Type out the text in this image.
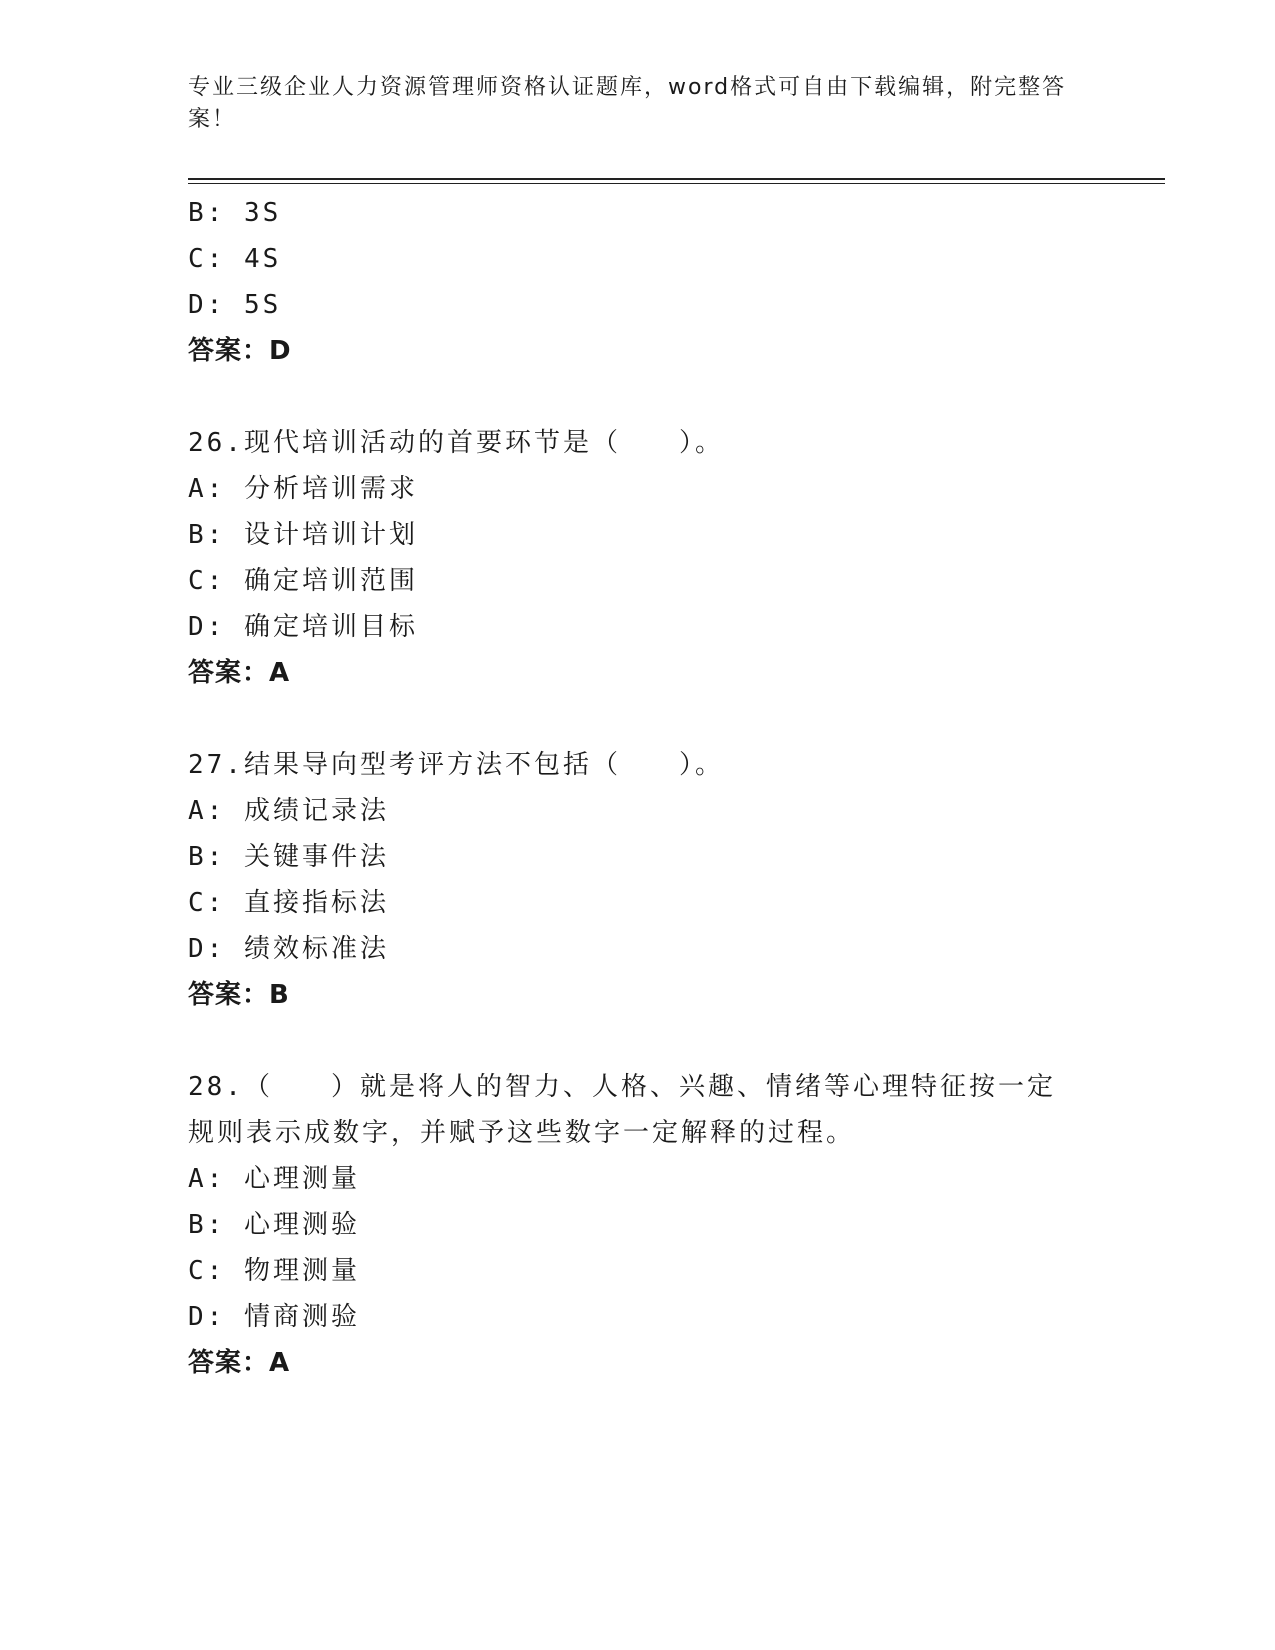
专业三级企业人力资源管理师资格认证题库，word格式可自由下载编辑，附完整答案！
B: 3S
C: 4S
D: 5S
答案：D
26.现代培训活动的首要环节是（　　）。
A: 分析培训需求
B: 设计培训计划
C: 确定培训范围
D: 确定培训目标
答案：A
27.结果导向型考评方法不包括（　　）。
A: 成绩记录法
B: 关键事件法
C: 直接指标法
D: 绩效标准法
答案：B
28.（　　）就是将人的智力、人格、兴趣、情绪等心理特征按一定规则表示成数字，并赋予这些数字一定解释的过程。
A: 心理测量
B: 心理测验
C: 物理测量
D: 情商测验
答案：A
